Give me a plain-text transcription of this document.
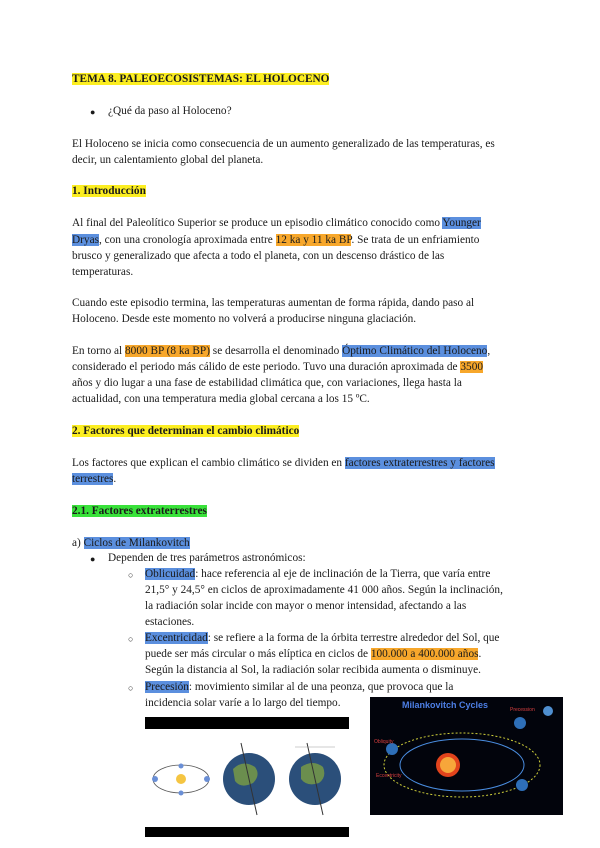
TEMA 8. PALEOECOSISTEMAS: EL HOLOCENO
● ¿Qué da paso al Holoceno?
El Holoceno se inicia como consecuencia de un aumento generalizado de las temperaturas, es
decir, un calentamiento global del planeta.
1. Introducción
Al final del Paleolítico Superior se produce un episodio climático conocido como Younger
Dryas, con una cronología aproximada entre 12 ka y 11 ka BP. Se trata de un enfriamiento
brusco y generalizado que afecta a todo el planeta, con un descenso drástico de las
temperaturas.
Cuando este episodio termina, las temperaturas aumentan de forma rápida, dando paso al
Holoceno. Desde este momento no volverá a producirse ninguna glaciación.
En torno al 8000 BP (8 ka BP) se desarrolla el denominado Óptimo Climático del Holoceno,
considerado el periodo más cálido de este periodo. Tuvo una duración aproximada de 3500
años y dio lugar a una fase de estabilidad climática que, con variaciones, llega hasta la
actualidad, con una temperatura media global cercana a los 15 ºC.
2. Factores que determinan el cambio climático
Los factores que explican el cambio climático se dividen en factores extraterrestres y factores
terrestres.
2.1. Factores extraterrestres
a) Ciclos de Milankovitch
● Dependen de tres parámetros astronómicos:
○ Oblicuidad: hace referencia al eje de inclinación de la Tierra, que varía entre
21,5° y 24,5° en ciclos de aproximadamente 41 000 años. Según la inclinación,
la radiación solar incide con mayor o menor intensidad, afectando a las
estaciones.
○ Excentricidad: se refiere a la forma de la órbita terrestre alrededor del Sol, que
puede ser más circular o más elíptica en ciclos de 100.000 a 400.000 años.
Según la distancia al Sol, la radiación solar recibida aumenta o disminuye.
○ Precesión: movimiento similar al de una peonza, que provoca que la
incidencia solar varíe a lo largo del tiempo.	Milankovitch Cycles	Precession
Obliquity
Eccentricity
